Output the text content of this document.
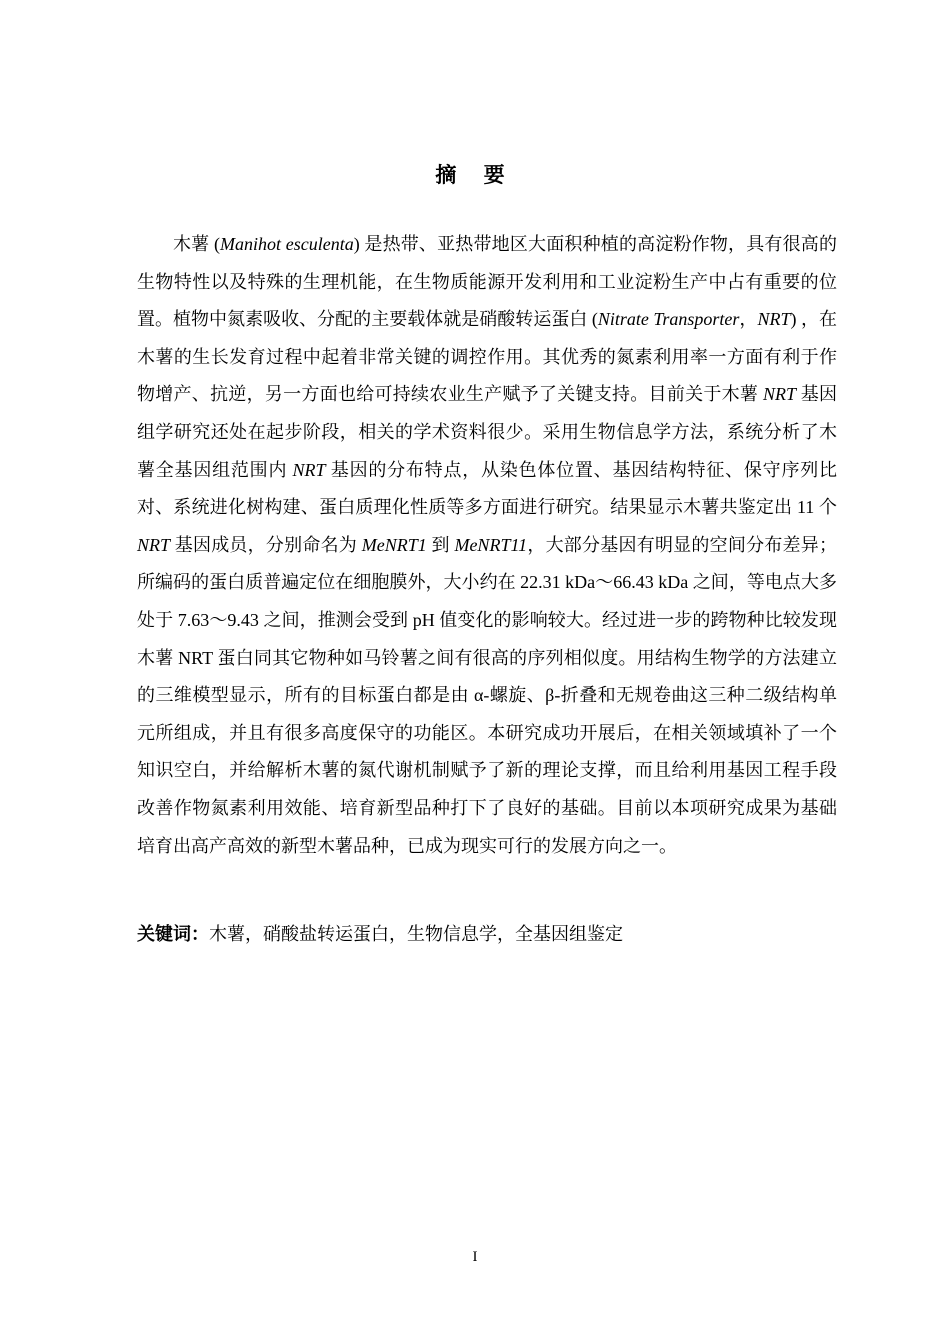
摘 要

木薯 (Manihot esculenta) 是热带、亚热带地区大面积种植的高淀粉作物，具有很高的生物特性以及特殊的生理机能，在生物质能源开发利用和工业淀粉生产中占有重要的位置。植物中氮素吸收、分配的主要载体就是硝酸转运蛋白 (Nitrate Transporter，NRT) ，在木薯的生长发育过程中起着非常关键的调控作用。其优秀的氮素利用率一方面有利于作物增产、抗逆，另一方面也给可持续农业生产赋予了关键支持。目前关于木薯 NRT 基因组学研究还处在起步阶段，相关的学术资料很少。采用生物信息学方法，系统分析了木薯全基因组范围内 NRT 基因的分布特点，从染色体位置、基因结构特征、保守序列比对、系统进化树构建、蛋白质理化性质等多方面进行研究。结果显示木薯共鉴定出 11 个 NRT 基因成员，分别命名为 MeNRT1 到 MeNRT11，大部分基因有明显的空间分布差异；所编码的蛋白质普遍定位在细胞膜外，大小约在 22.31 kDa～66.43 kDa 之间，等电点大多处于 7.63～9.43 之间，推测会受到 pH 值变化的影响较大。经过进一步的跨物种比较发现木薯 NRT 蛋白同其它物种如马铃薯之间有很高的序列相似度。用结构生物学的方法建立的三维模型显示，所有的目标蛋白都是由 α-螺旋、β-折叠和无规卷曲这三种二级结构单元所组成，并且有很多高度保守的功能区。本研究成功开展后，在相关领域填补了一个知识空白，并给解析木薯的氮代谢机制赋予了新的理论支撑，而且给利用基因工程手段改善作物氮素利用效能、培育新型品种打下了良好的基础。目前以本项研究成果为基础培育出高产高效的新型木薯品种，已成为现实可行的发展方向之一。

关键词：木薯，硝酸盐转运蛋白，生物信息学，全基因组鉴定

I
